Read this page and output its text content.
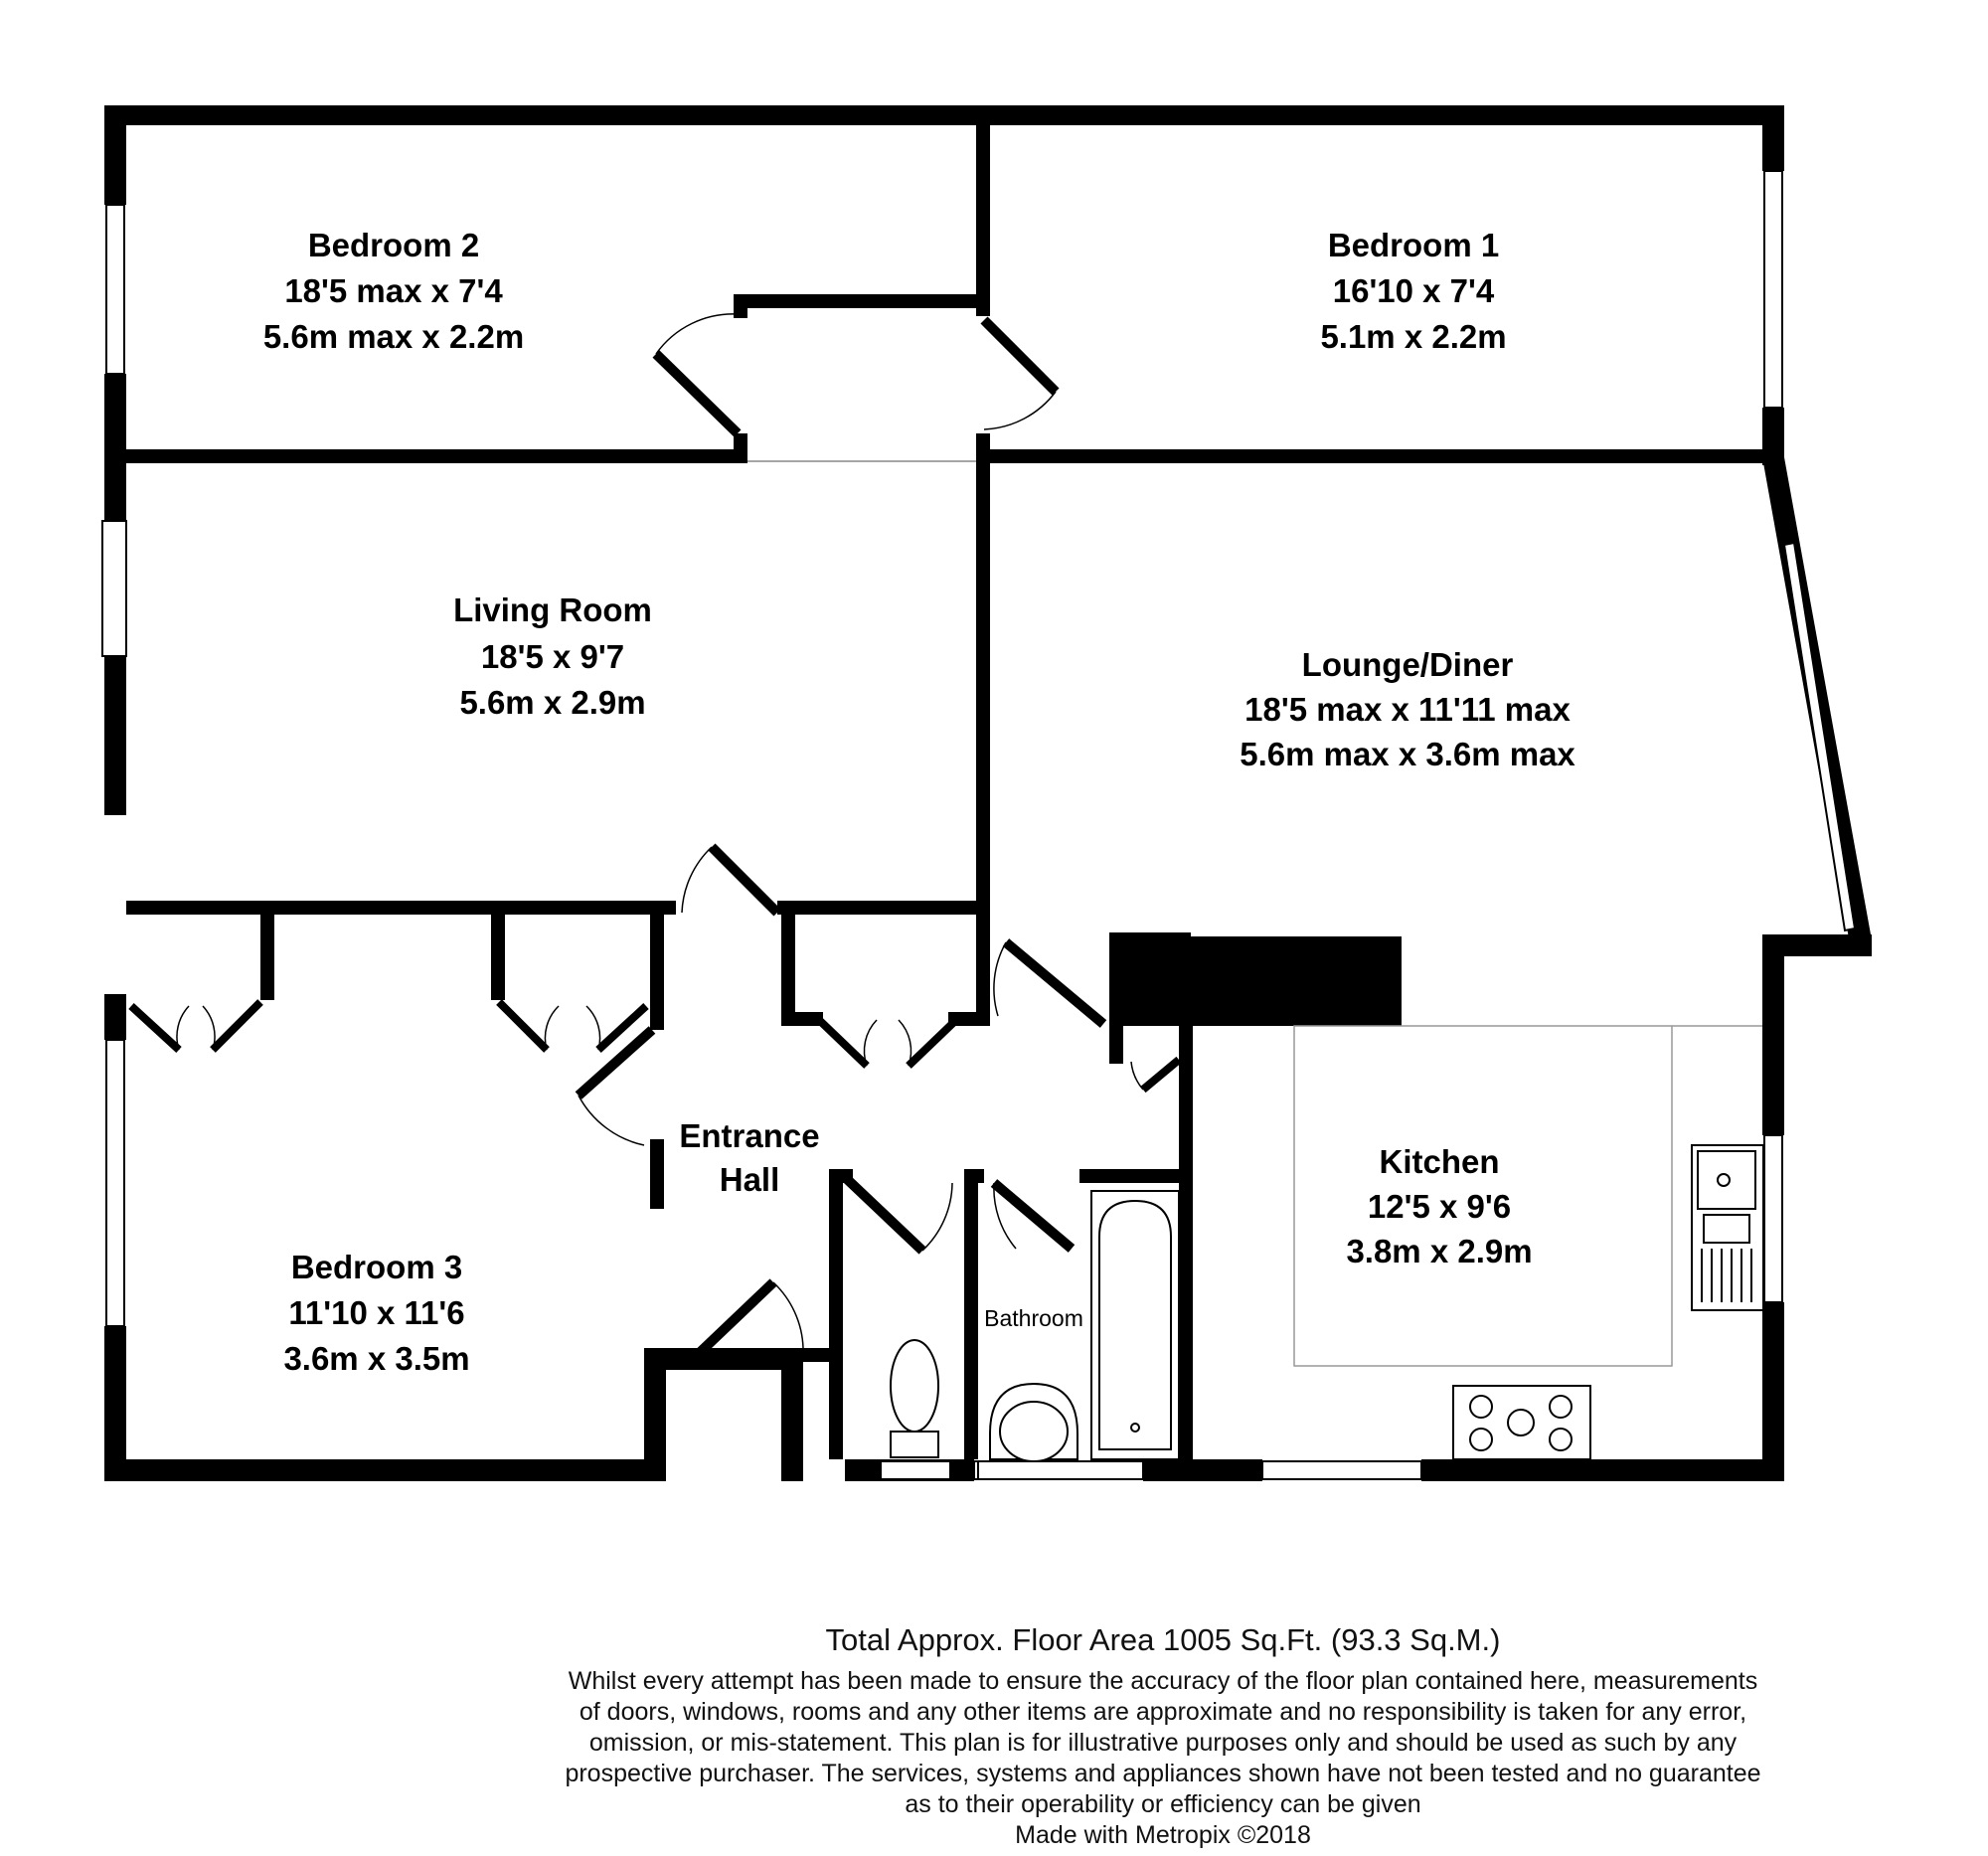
Bedroom 2
18'5 max x 7'4
5.6m max x 2.2m
Bedroom 1
16'10 x 7'4
5.1m x 2.2m
Living Room
18'5 x 9'7
5.6m x 2.9m
Lounge/Diner
18'5 max x 11'11 max
5.6m max x 3.6m max
Entrance
Hall
Bedroom 3
11'10 x 11'6
3.6m x 3.5m
Kitchen
12'5 x 9'6
3.8m x 2.9m
Bathroom
Total Approx. Floor Area 1005 Sq.Ft. (93.3 Sq.M.)
Whilst every attempt has been made to ensure the accuracy of the floor plan contained here, measurements
of doors, windows, rooms and any other items are approximate and no responsibility is taken for any error,
omission, or mis-statement. This plan is for illustrative purposes only and should be used as such by any
prospective purchaser. The services, systems and appliances shown have not been tested and no guarantee
as to their operability or efficiency can be given
Made with Metropix ©2018
